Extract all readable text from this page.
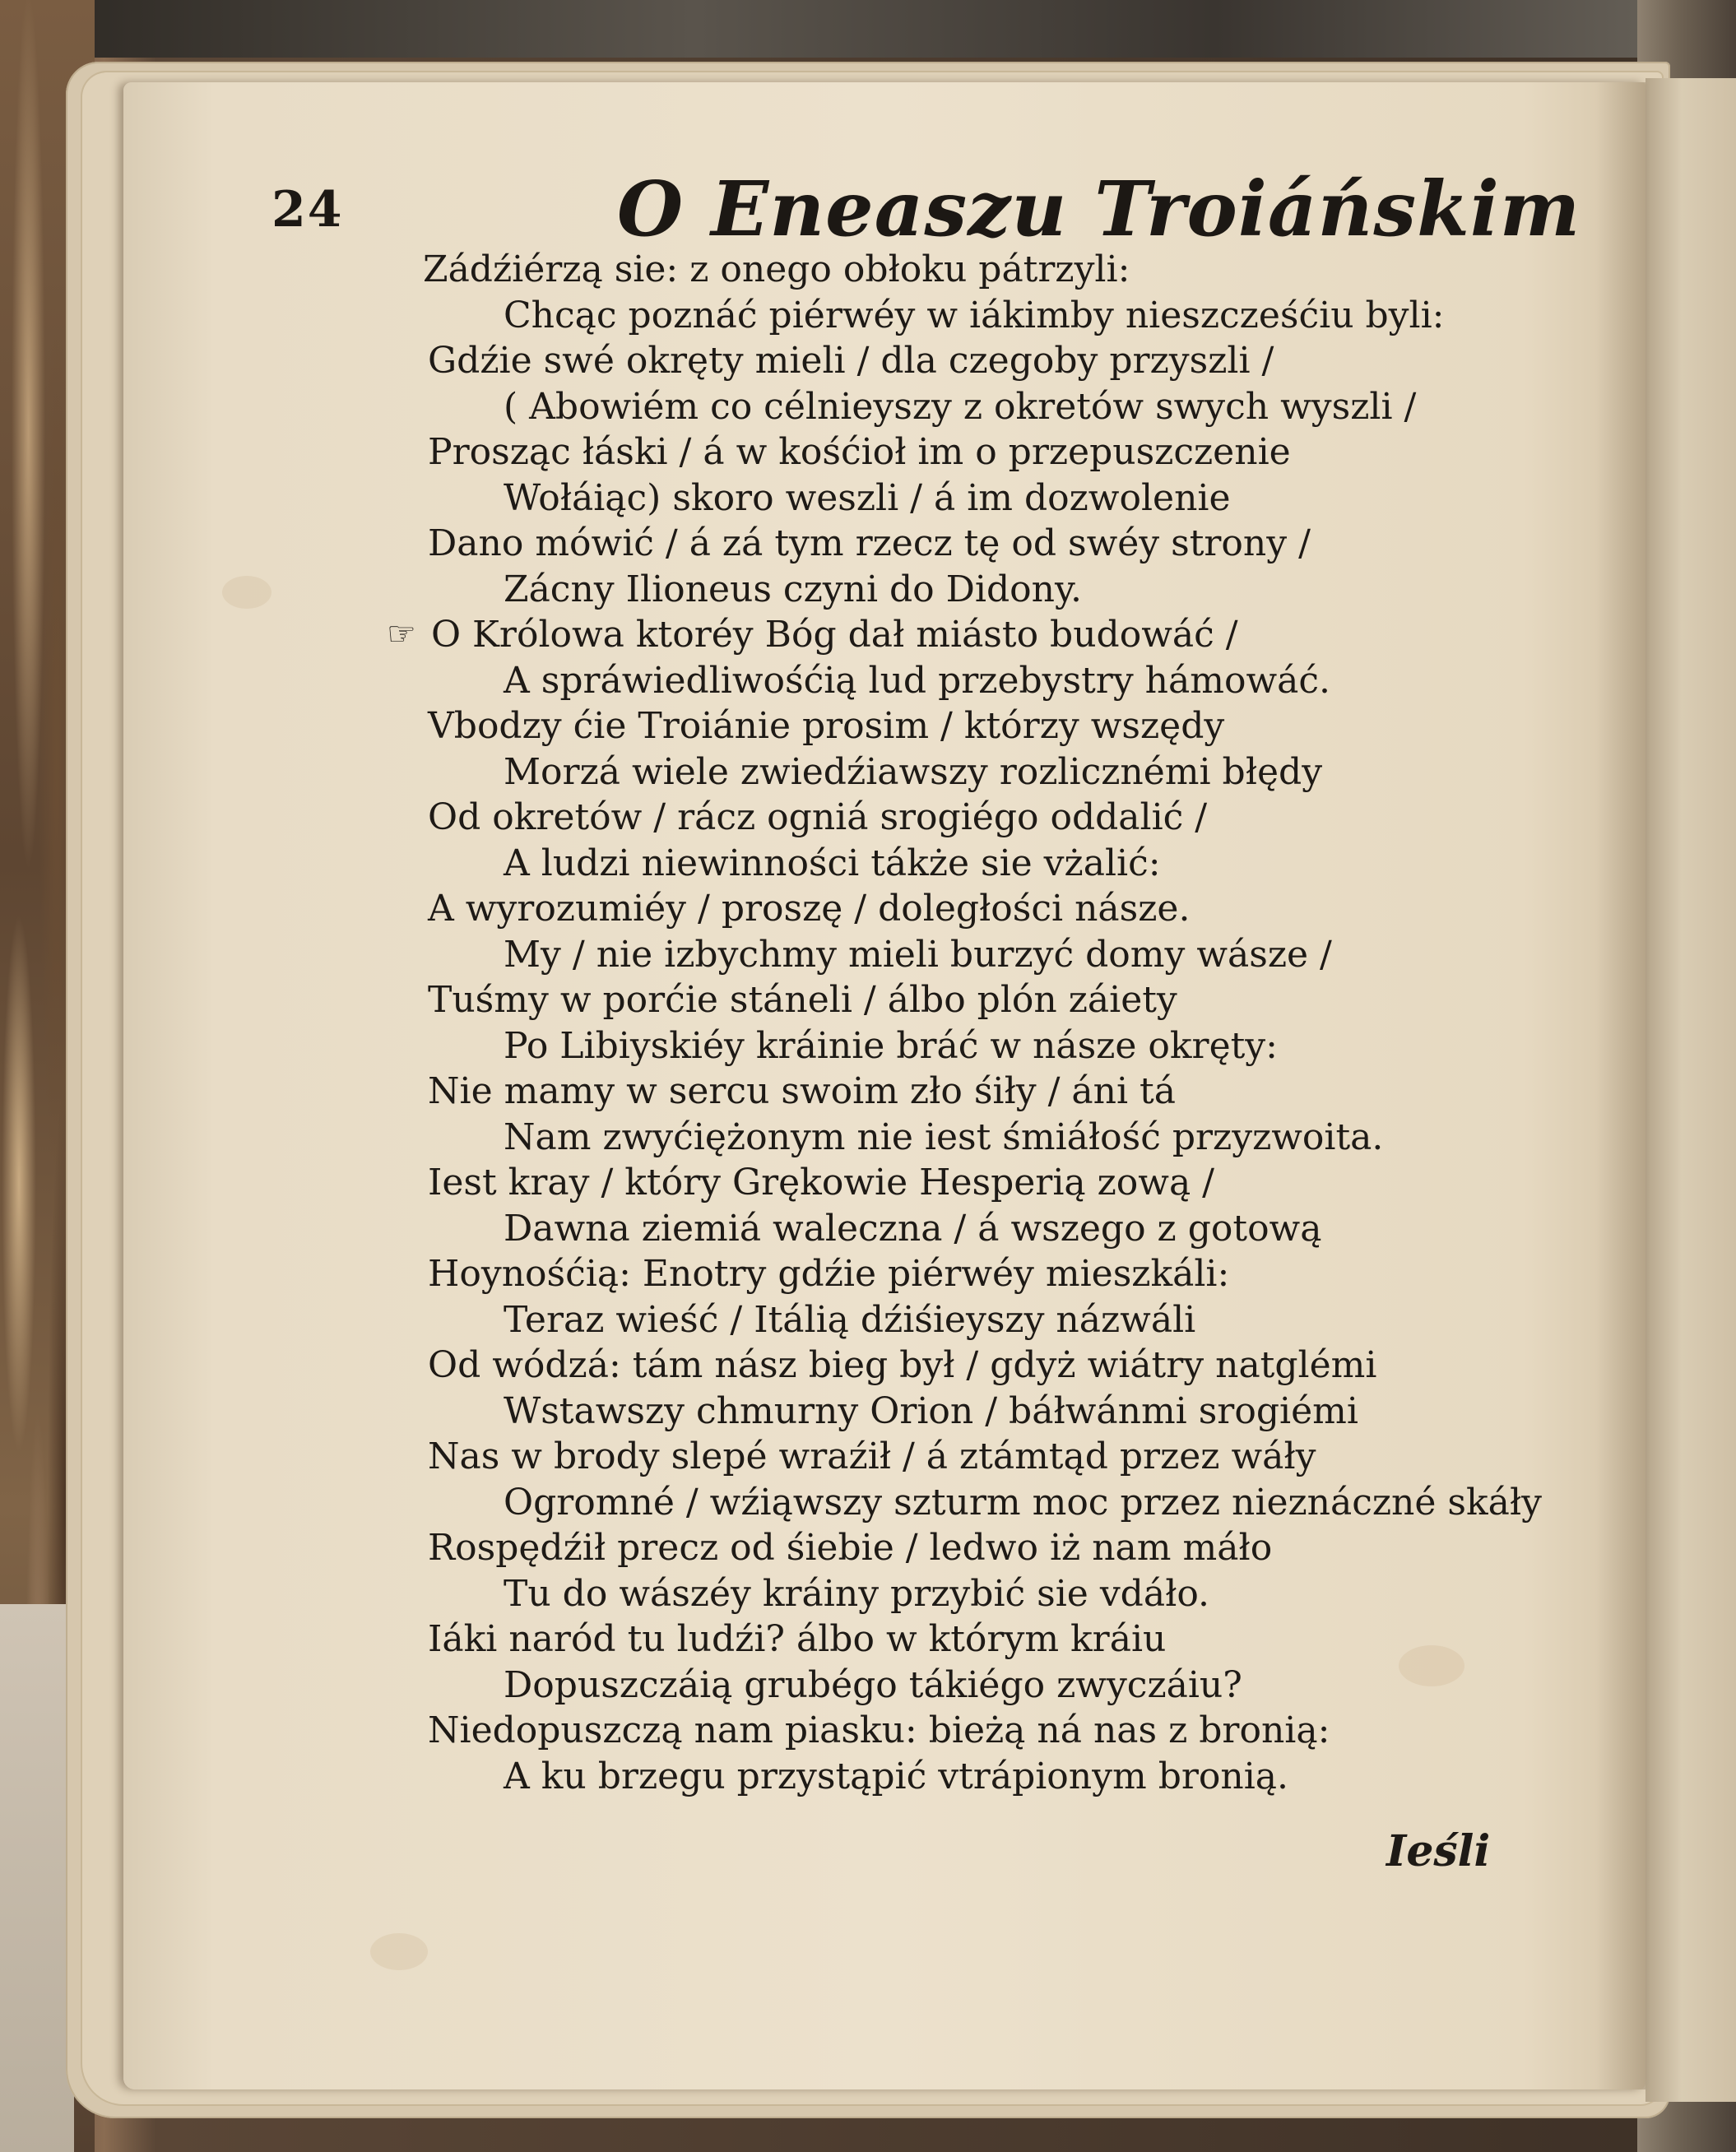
24	O Eneaszu Troiáńskim
Zádźiérzą sie: z onego obłoku pátrzyli:
Chcąc poznáć piérwéy w iákimby nieszcześćiu byli:
Gdźie swé okręty mieli / dla czegoby przyszli /
( Abowiém co célnieyszy z okretów swych wyszli /
Prosząc łáski / á w kośćioł im o przepuszczenie
Wołáiąc) skoro weszli / á im dozwolenie
Dano mówić / á zá tym rzecz tę od swéy strony /
Zácny Ilioneus czyni do Didony.
☞ O Królowa ktoréy Bóg dał miásto budowáć /
A spráwiedliwośćią lud przebystry hámowáć.
Vbodzy ćie Troiánie prosim / którzy wszędy
Morzá wiele zwiedźiawszy rozlicznémi błędy
Od okretów / rácz ogniá srogiégo oddalić /
A ludzi niewinności tákże sie vżalić:
A wyrozumiéy / proszę / doległości násze.
My / nie izbychmy mieli burzyć domy wásze /
Tuśmy w porćie stáneli / álbo plón záiety
Po Libiyskiéy kráinie bráć w násze okręty:
Nie mamy w sercu swoim zło śiły / áni tá
Nam zwyćiężonym nie iest śmiáłość przyzwoita.
Iest kray / który Grękowie Hesperią zową /
Dawna ziemiá waleczna / á wszego z gotową
Hoynośćią: Enotry gdźie piérwéy mieszkáli:
Teraz wieść / Itálią dźiśieyszy názwáli
Od wódzá: tám nász bieg był / gdyż wiátry natglémi
Wstawszy chmurny Orion / báłwánmi srogiémi
Nas w brody slepé wraźił / á ztámtąd przez wáły
Ogromné / wźiąwszy szturm moc przez nieznáczné skáły
Rospędźił precz od śiebie / ledwo iż nam máło
Tu do wászéy kráiny przybić sie vdáło.
Iáki naród tu ludźi? álbo w którym kráiu
Dopuszczáią grubégo tákiégo zwyczáiu?
Niedopuszczą nam piasku: bieżą ná nas z bronią:
A ku brzegu przystąpić vtrápionym bronią.
Ieśli
